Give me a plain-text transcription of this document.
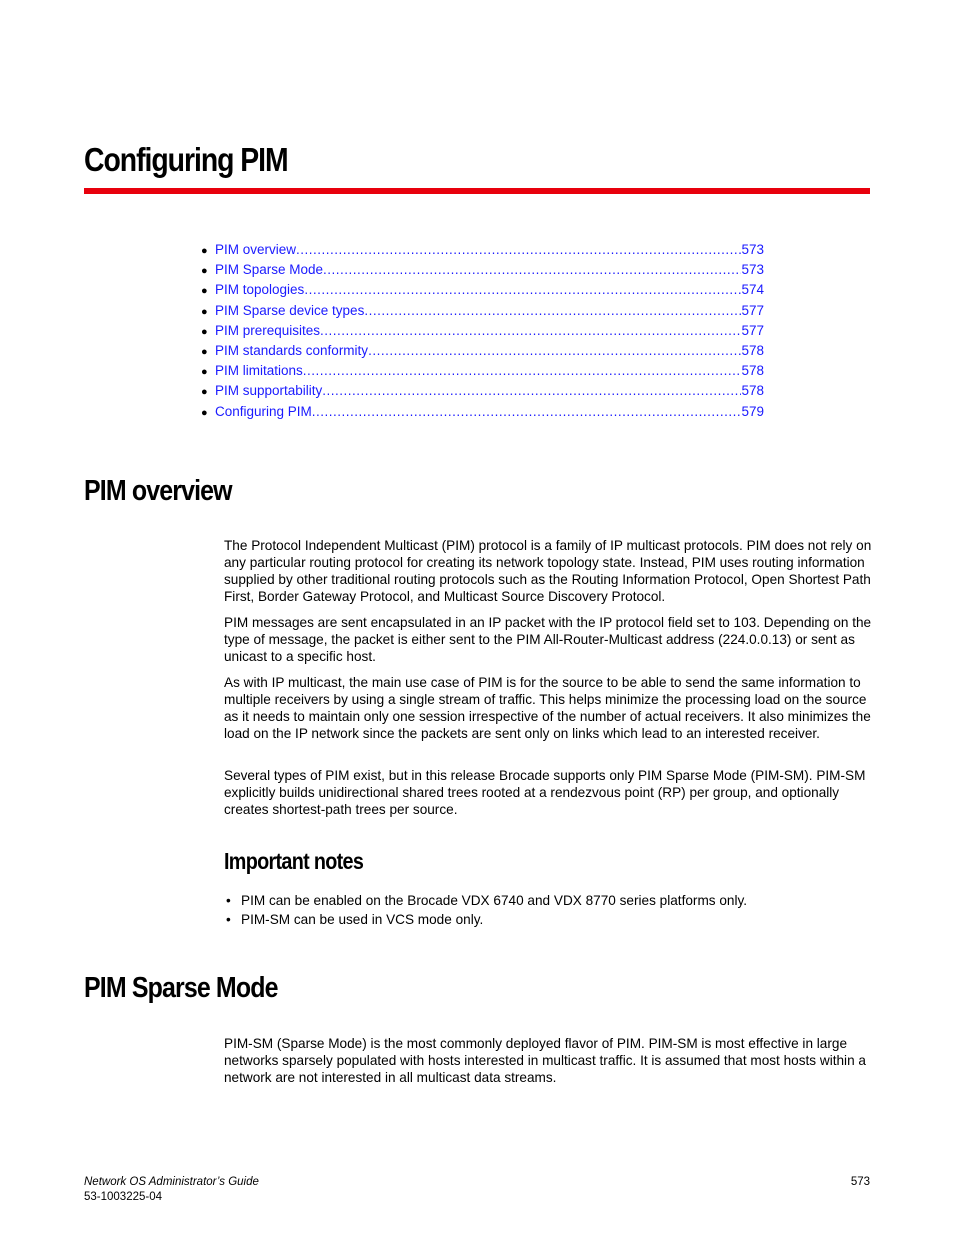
Configuring PIM
● PIM overview .....	573
● PIM Sparse Mode .....	573
● PIM topologies .....	574
● PIM Sparse device types .....	577
● PIM prerequisites .....	577
● PIM standards conformity .....	578
● PIM limitations .....	578
● PIM supportability .....	578
● Configuring PIM .....	579
PIM overview

The Protocol Independent Multicast (PIM) protocol is a family of IP multicast protocols. PIM does not rely on any particular routing protocol for creating its network topology state. Instead, PIM uses routing information supplied by other traditional routing protocols such as the Routing Information Protocol, Open Shortest Path First, Border Gateway Protocol, and Multicast Source Discovery Protocol.

PIM messages are sent encapsulated in an IP packet with the IP protocol field set to 103. Depending on the type of message, the packet is either sent to the PIM All-Router-Multicast address (224.0.0.13) or sent as unicast to a specific host.

As with IP multicast, the main use case of PIM is for the source to be able to send the same information to multiple receivers by using a single stream of traffic. This helps minimize the processing load on the source as it needs to maintain only one session irrespective of the number of actual receivers. It also minimizes the load on the IP network since the packets are sent only on links which lead to an interested receiver.

Several types of PIM exist, but in this release Brocade supports only PIM Sparse Mode (PIM-SM). PIM-SM explicitly builds unidirectional shared trees rooted at a rendezvous point (RP) per group, and optionally creates shortest-path trees per source.

Important notes
• PIM can be enabled on the Brocade VDX 6740 and VDX 8770 series platforms only.
• PIM-SM can be used in VCS mode only.
PIM Sparse Mode

PIM-SM (Sparse Mode) is the most commonly deployed flavor of PIM. PIM-SM is most effective in large networks sparsely populated with hosts interested in multicast traffic. It is assumed that most hosts within a network are not interested in all multicast data streams.

Network OS Administrator’s Guide
53-1003225-04
573
